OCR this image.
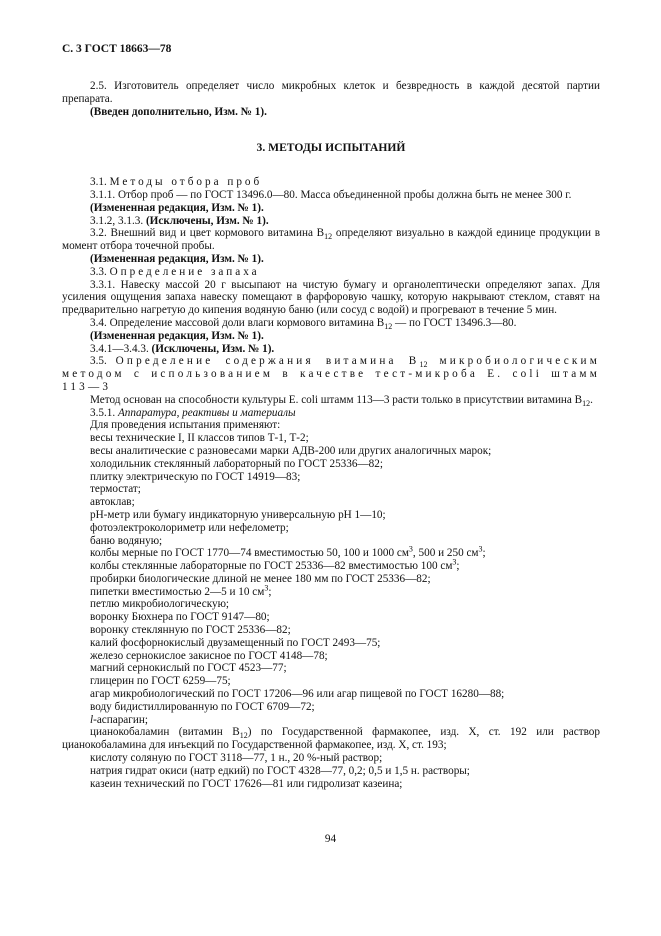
С. 3 ГОСТ 18663—78

2.5. Изготовитель определяет число микробных клеток и безвредность в каждой десятой партии препарата.

(Введен дополнительно, Изм. № 1).

3. МЕТОДЫ ИСПЫТАНИЙ

3.1. Методы отбора проб

3.1.1. Отбор проб — по ГОСТ 13496.0—80. Масса объединенной пробы должна быть не менее 300 г.

(Измененная редакция, Изм. № 1).

3.1.2, 3.1.3. (Исключены, Изм. № 1).

3.2. Внешний вид и цвет кормового витамина $B_{12}$ определяют визуально в каждой единице продукции в момент отбора точечной пробы.

(Измененная редакция, Изм. № 1).

3.3. Определение запаха

3.3.1. Навеску массой 20 г высыпают на чистую бумагу и органолептически определяют запах. Для усиления ощущения запаха навеску помещают в фарфоровую чашку, которую накрывают стеклом, ставят на предварительно нагретую до кипения водяную баню (или сосуд с водой) и прогревают в течение 5 мин.

3.4. Определение массовой доли влаги кормового витамина $B_{12}$ — по ГОСТ 13496.3—80.

(Измененная редакция, Изм. № 1).

3.4.1—3.4.3. (Исключены, Изм. № 1).

3.5. Определение содержания витамина $B_{12}$ микробиологическим методом с использованием в качестве тест-микроба E. coli штамм 113—3

Метод основан на способности культуры E. coli штамм 113—3 расти только в присутствии витамина $B_{12}$.

3.5.1. Аппаратура, реактивы и материалы

Для проведения испытания применяют:

весы технические I, II классов типов Т-1, Т-2;

весы аналитические с разновесами марки АДВ-200 или других аналогичных марок;

холодильник стеклянный лабораторный по ГОСТ 25336—82;

плитку электрическую по ГОСТ 14919—83;

термостат;

автоклав;

рН-метр или бумагу индикаторную универсальную рН 1—10;

фотоэлектроколориметр или нефелометр;

баню водяную;

колбы мерные по ГОСТ 1770—74 вместимостью 50, 100 и 1000 $см^3$, 500 и 250 $см^3$;

колбы стеклянные лабораторные по ГОСТ 25336—82 вместимостью 100 $см^3$;

пробирки биологические длиной не менее 180 мм по ГОСТ 25336—82;

пипетки вместимостью 2—5 и 10 $см^3$;

петлю микробиологическую;

воронку Бюхнера по ГОСТ 9147—80;

воронку стеклянную по ГОСТ 25336—82;

калий фосфорнокислый двузамещенный по ГОСТ 2493—75;

железо сернокислое закисное по ГОСТ 4148—78;

магний сернокислый по ГОСТ 4523—77;

глицерин по ГОСТ 6259—75;

агар микробиологический по ГОСТ 17206—96 или агар пищевой по ГОСТ 16280—88;

воду бидистиллированную по ГОСТ 6709—72;

l-аспарагин;

цианокобаламин (витамин $B_{12}$) по Государственной фармакопее, изд. X, ст. 192 или раствор цианокобаламина для инъекций по Государственной фармакопее, изд. X, ст. 193;

кислоту соляную по ГОСТ 3118—77, 1 н., 20 %-ный раствор;

натрия гидрат окиси (натр едкий) по ГОСТ 4328—77, 0,2; 0,5 и 1,5 н. растворы;

казеин технический по ГОСТ 17626—81 или гидролизат казеина;

94
